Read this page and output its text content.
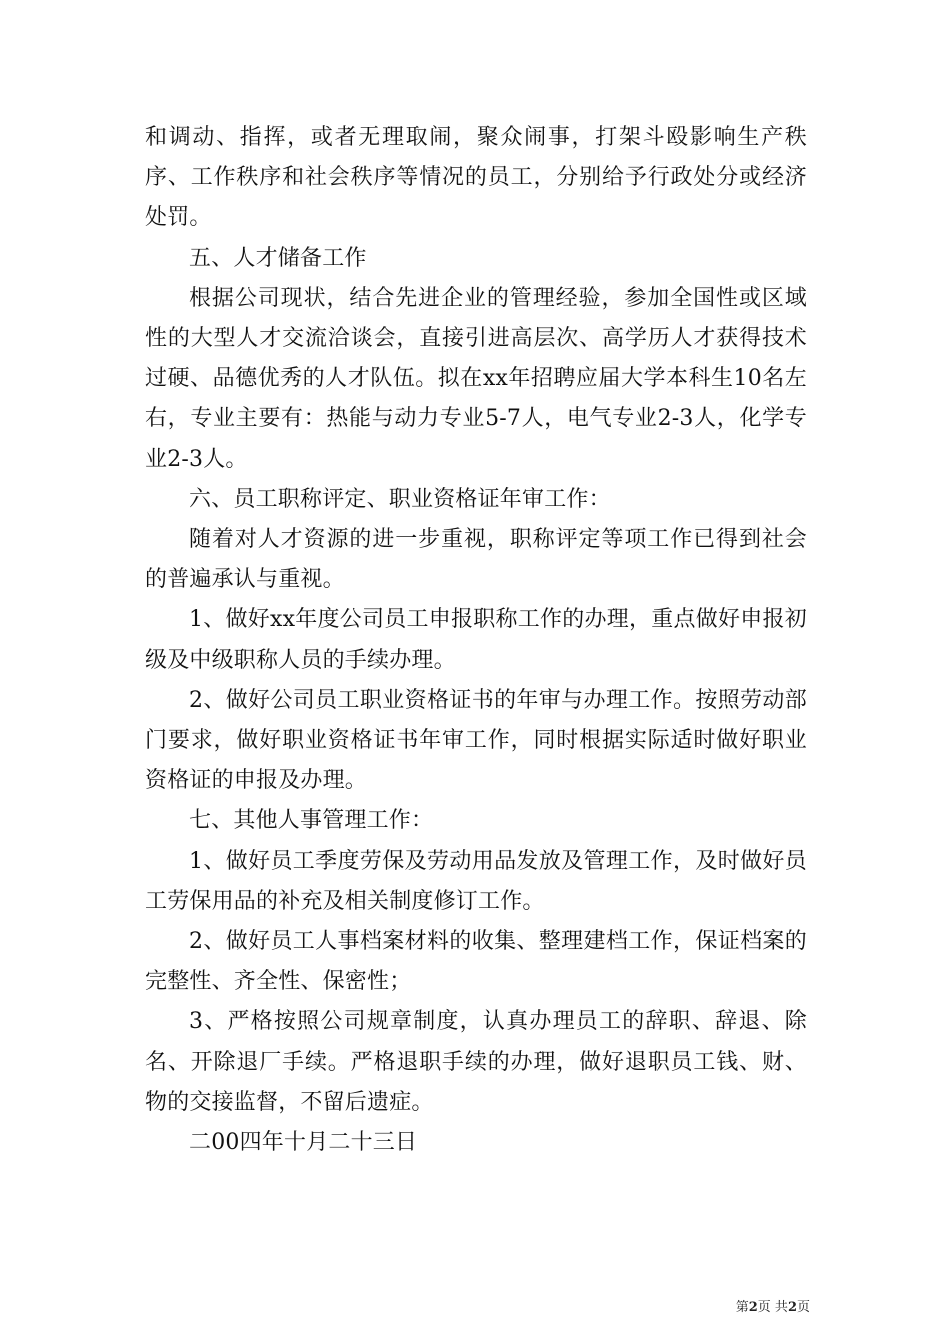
和调动、指挥，或者无理取闹，聚众闹事，打架斗殴影响生产秩序、工作秩序和社会秩序等情况的员工，分别给予行政处分或经济处罚。

五、人才储备工作

根据公司现状，结合先进企业的管理经验，参加全国性或区域性的大型人才交流洽谈会，直接引进高层次、高学历人才获得技术过硬、品德优秀的人才队伍。拟在xx年招聘应届大学本科生10名左右，专业主要有：热能与动力专业5-7人，电气专业2-3人，化学专业2-3人。

六、员工职称评定、职业资格证年审工作：

随着对人才资源的进一步重视，职称评定等项工作已得到社会的普遍承认与重视。

1、做好xx年度公司员工申报职称工作的办理，重点做好申报初级及中级职称人员的手续办理。

2、做好公司员工职业资格证书的年审与办理工作。按照劳动部门要求，做好职业资格证书年审工作，同时根据实际适时做好职业资格证的申报及办理。

七、其他人事管理工作：

1、做好员工季度劳保及劳动用品发放及管理工作，及时做好员工劳保用品的补充及相关制度修订工作。

2、做好员工人事档案材料的收集、整理建档工作，保证档案的完整性、齐全性、保密性；

3、严格按照公司规章制度，认真办理员工的辞职、辞退、除名、开除退厂手续。严格退职手续的办理，做好退职员工钱、财、物的交接监督，不留后遗症。

二00四年十月二十三日

第2页 共2页
